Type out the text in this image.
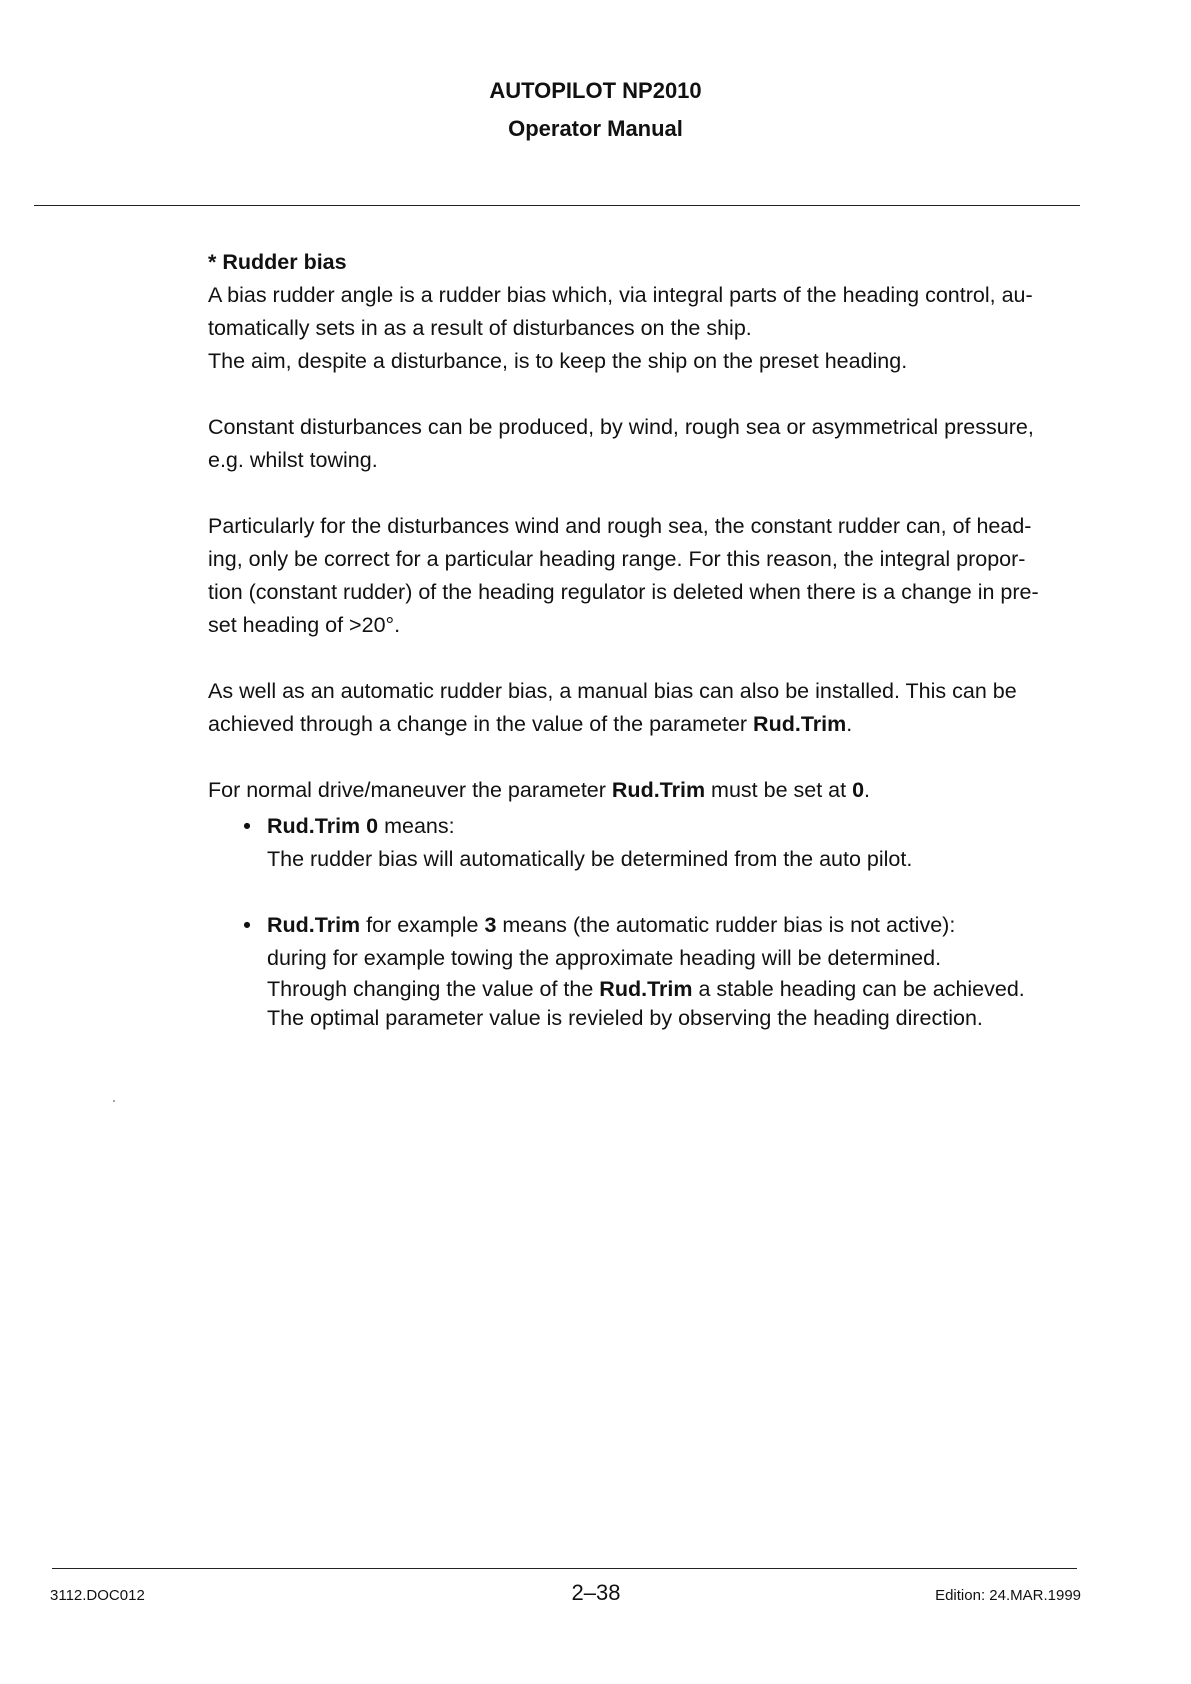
AUTOPILOT NP2010
Operator Manual

* Rudder bias

A bias rudder angle is a rudder bias which, via integral parts of the heading control, au-
tomatically sets in as a result of disturbances on the ship.
The aim, despite a disturbance, is to keep the ship on the preset heading.

Constant disturbances can be produced, by wind, rough sea or asymmetrical pressure,
e.g. whilst towing.

Particularly for the disturbances wind and rough sea, the constant rudder can, of head-
ing, only be correct for a particular heading range. For this reason, the integral propor-
tion (constant rudder) of the heading regulator is deleted when there is a change in pre-
set heading of >20°.

As well as an automatic rudder bias, a manual bias can also be installed. This can be
achieved through a change in the value of the parameter Rud.Trim.

For normal drive/maneuver the parameter Rud.Trim must be set at 0.

• Rud.Trim 0 means:
The rudder bias will automatically be determined from the auto pilot.
• Rud.Trim for example 3 means (the automatic rudder bias is not active):
during for example towing the approximate heading will be determined.
Through changing the value of the Rud.Trim a stable heading can be achieved.
The optimal parameter value is revieled by observing the heading direction.
3112.DOC012	2–38	Edition: 24.MAR.1999
